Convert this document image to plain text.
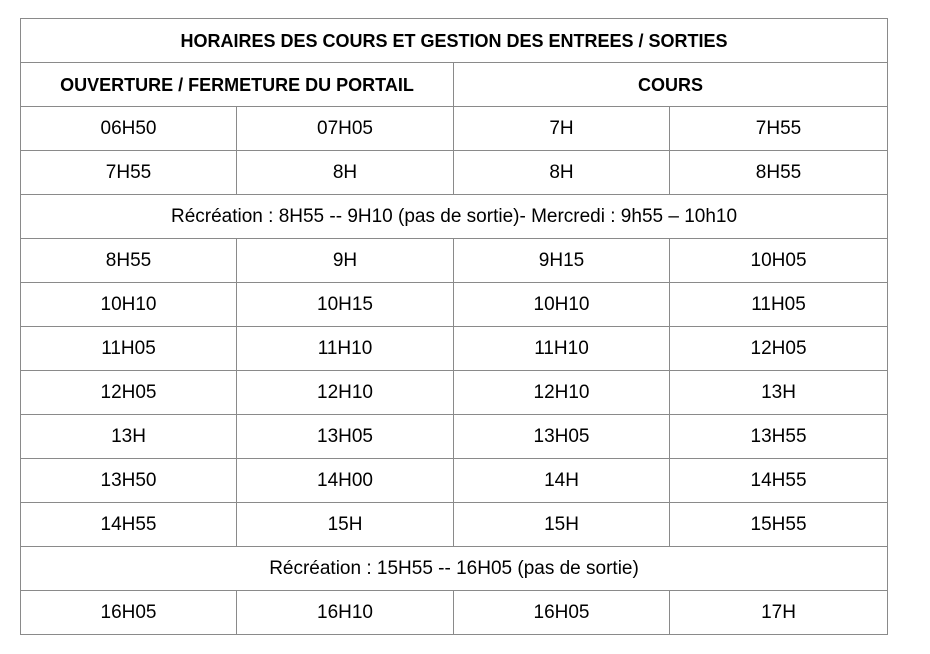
HORAIRES DES COURS ET GESTION DES ENTREES / SORTIES			
OUVERTURE / FERMETURE DU PORTAIL		COURS	
06H50	07H05	7H	7H55
7H55	8H	8H	8H55
Récréation : 8H55 -- 9H10 (pas de sortie)- Mercredi : 9h55 – 10h10			
8H55	9H	9H15	10H05
10H10	10H15	10H10	11H05
11H05	11H10	11H10	12H05
12H05	12H10	12H10	13H
13H	13H05	13H05	13H55
13H50	14H00	14H	14H55
14H55	15H	15H	15H55
Récréation : 15H55 -- 16H05 (pas de sortie)			
16H05	16H10	16H05	17H
